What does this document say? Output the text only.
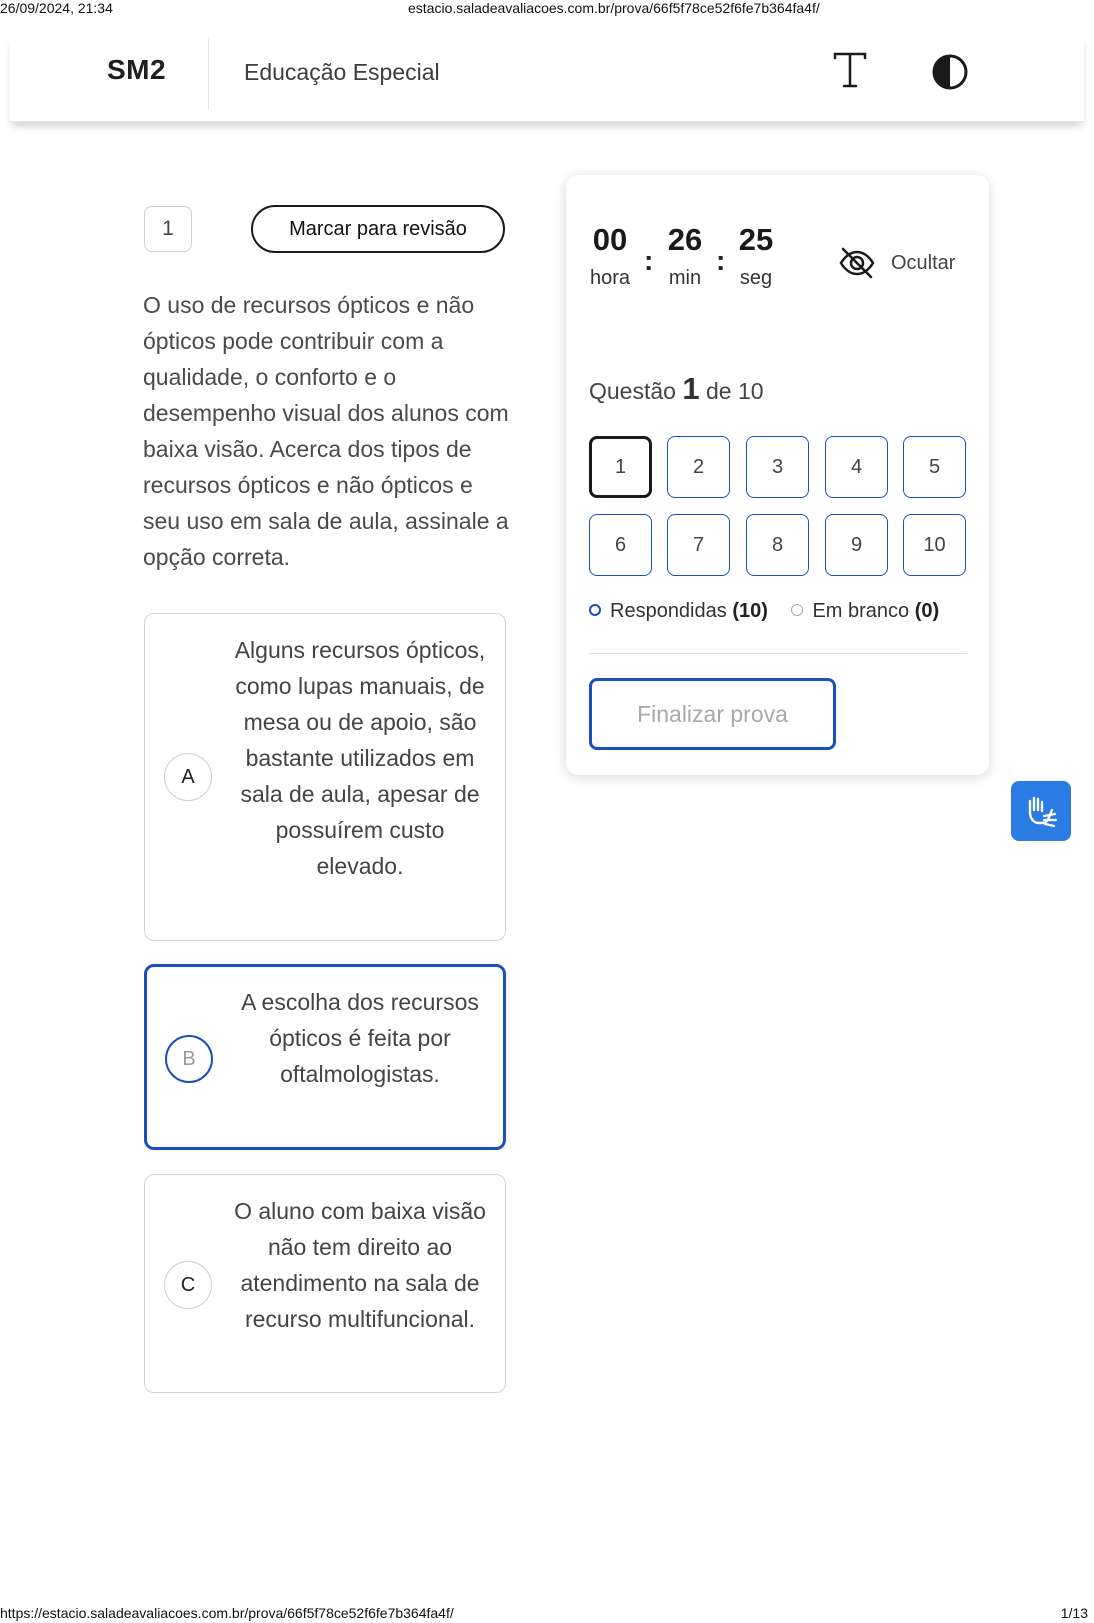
26/09/2024, 21:34	estacio.saladeavaliacoes.com.br/prova/66f5f78ce52f6fe7b364fa4f/
SM2	Educação Especial
1	Marcar para revisão
O uso de recursos ópticos e não ópticos pode contribuir com a qualidade, o conforto e o desempenho visual dos alunos com baixa visão. Acerca dos tipos de recursos ópticos e não ópticos e seu uso em sala de aula, assinale a opção correta.
A
Alguns recursos ópticos, como lupas manuais, de mesa ou de apoio, são bastante utilizados em sala de aula, apesar de possuírem custo elevado.
B
A escolha dos recursos ópticos é feita por oftalmologistas.
C
O aluno com baixa visão não tem direito ao atendimento na sala de recurso multifuncional.
00
hora
:
26
min
:
25
seg
Ocultar
Questão 1 de 10
1	2	3	4	5
6	7	8	9	10
Respondidas (10) Em branco (0)
Finalizar prova
https://estacio.saladeavaliacoes.com.br/prova/66f5f78ce52f6fe7b364fa4f/	1/13
